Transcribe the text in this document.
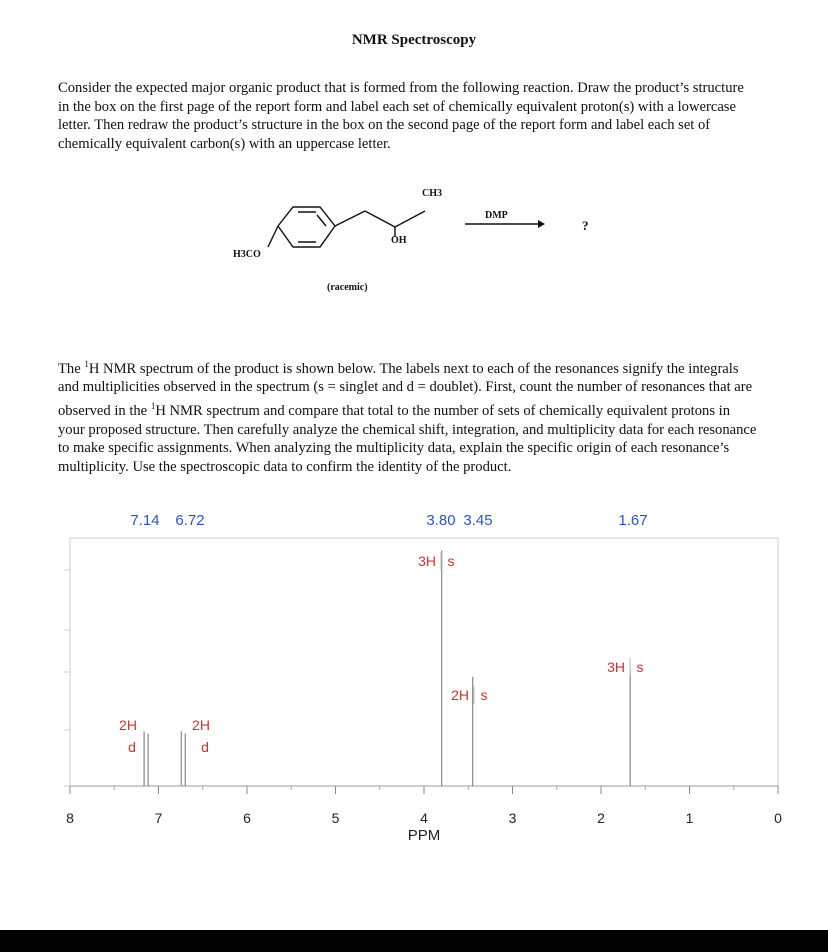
NMR Spectroscopy

Consider the expected major organic product that is formed from the following reaction. Draw the product’s structure in the box on the first page of the report form and label each set of chemically equivalent proton(s) with a lowercase letter. Then redraw the product’s structure in the box on the second page of the report form and label each set of chemically equivalent carbon(s) with an uppercase letter.

H3CO
CH3
OH
DMP
?
(racemic)

The $^1$H NMR spectrum of the product is shown below. The labels next to each of the resonances signify the integrals and multiplicities observed in the spectrum (s = singlet and d = doublet). First, count the number of resonances that are observed in the $^1$H NMR spectrum and compare that total to the number of sets of chemically equivalent protons in your proposed structure. Then carefully analyze the chemical shift, integration, and multiplicity data for each resonance to make specific assignments. When analyzing the multiplicity data, explain the specific origin of each resonance’s multiplicity. Use the spectroscopic data to confirm the identity of the product.

8	7	6	5	4	3	2	1	0
PPM
7.14 6.72	3.80 3.45	1.67
2H
d
2H
d
3H s
2H s
3H s
